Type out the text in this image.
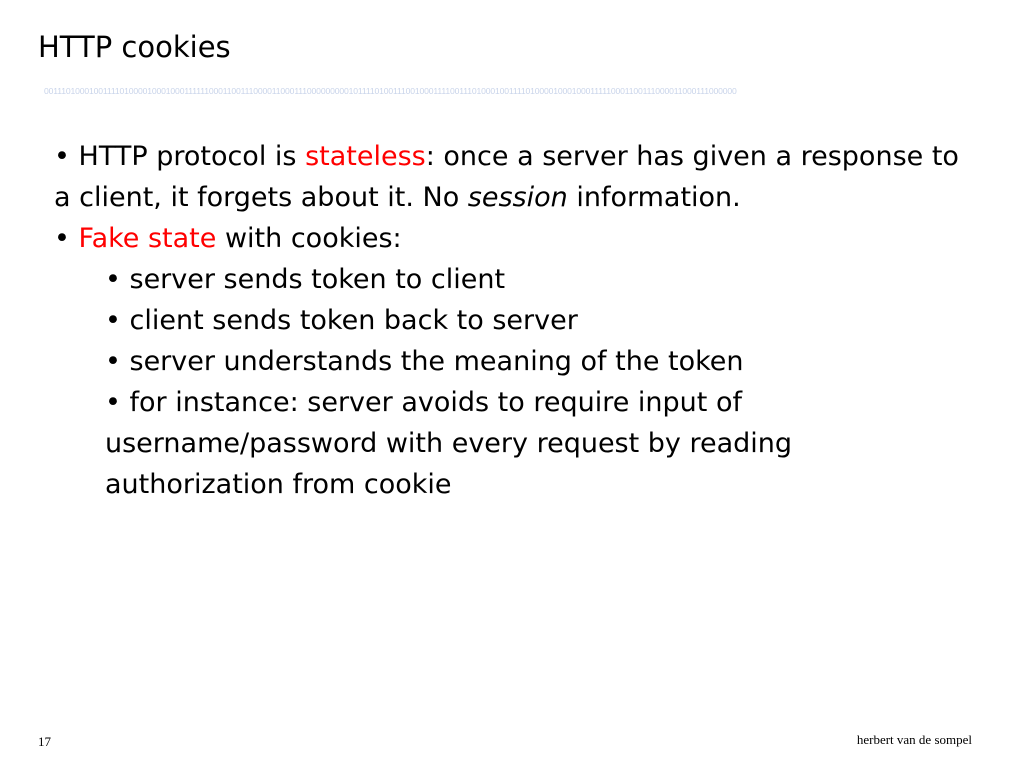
HTTP cookies
00111010001001111010000100010001111110001100111000011000111000000000101111010011100100011110011101000100111101000010001000111110001100111000011000111000000

• HTTP protocol is stateless: once a server has given a response to a client, it forgets about it. No session information.

• Fake state with cookies:

• server sends token to client

• client sends token back to server

• server understands the meaning of the token

• for instance: server avoids to require input of username/password with every request by reading authorization from cookie

17	herbert van de sompel
